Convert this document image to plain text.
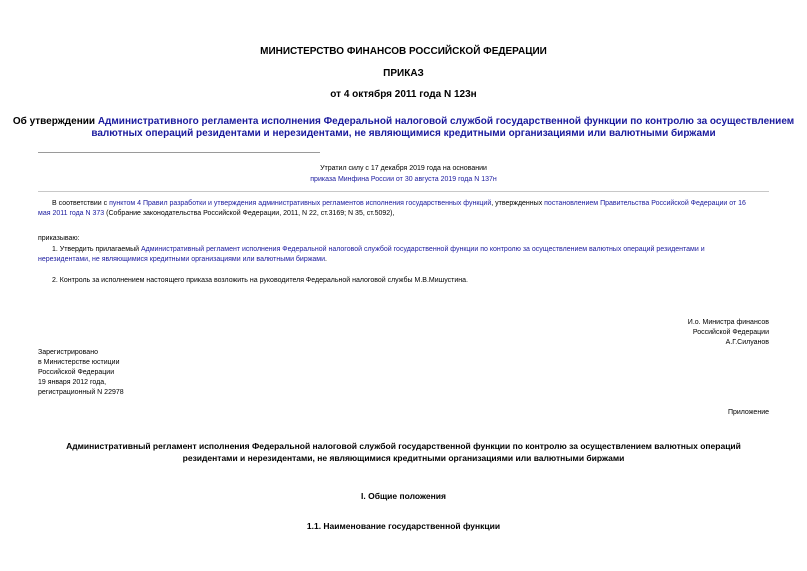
МИНИСТЕРСТВО ФИНАНСОВ РОССИЙСКОЙ ФЕДЕРАЦИИ
ПРИКАЗ
от 4 октября 2011 года N 123н
Об утверждении Административного регламента исполнения Федеральной налоговой службой государственной функции по контролю за осуществлением
валютных операций резидентами и нерезидентами, не являющимися кредитными организациями или валютными биржами
Утратил силу с 17 декабря 2019 года на основании
приказа Минфина России от 30 августа 2019 года N 137н
В соответствии с пунктом 4 Правил разработки и утверждения административных регламентов исполнения государственных функций, утвержденных постановлением Правительства Российской Федерации от 16
мая 2011 года N 373 (Собрание законодательства Российской Федерации, 2011, N 22, ст.3169; N 35, ст.5092),
приказываю:
1. Утвердить прилагаемый Административный регламент исполнения Федеральной налоговой службой государственной функции по контролю за осуществлением валютных операций резидентами и
нерезидентами, не являющимися кредитными организациями или валютными биржами.
2. Контроль за исполнением настоящего приказа возложить на руководителя Федеральной налоговой службы М.В.Мишустина.
И.о. Министра финансов
Российской Федерации
А.Г.Силуанов
Зарегистрировано
в Министерстве юстиции
Российской Федерации
19 января 2012 года,
регистрационный N 22978
Приложение
Административный регламент исполнения Федеральной налоговой службой государственной функции по контролю за осуществлением валютных операций
резидентами и нерезидентами, не являющимися кредитными организациями или валютными биржами
I. Общие положения
1.1. Наименование государственной функции
